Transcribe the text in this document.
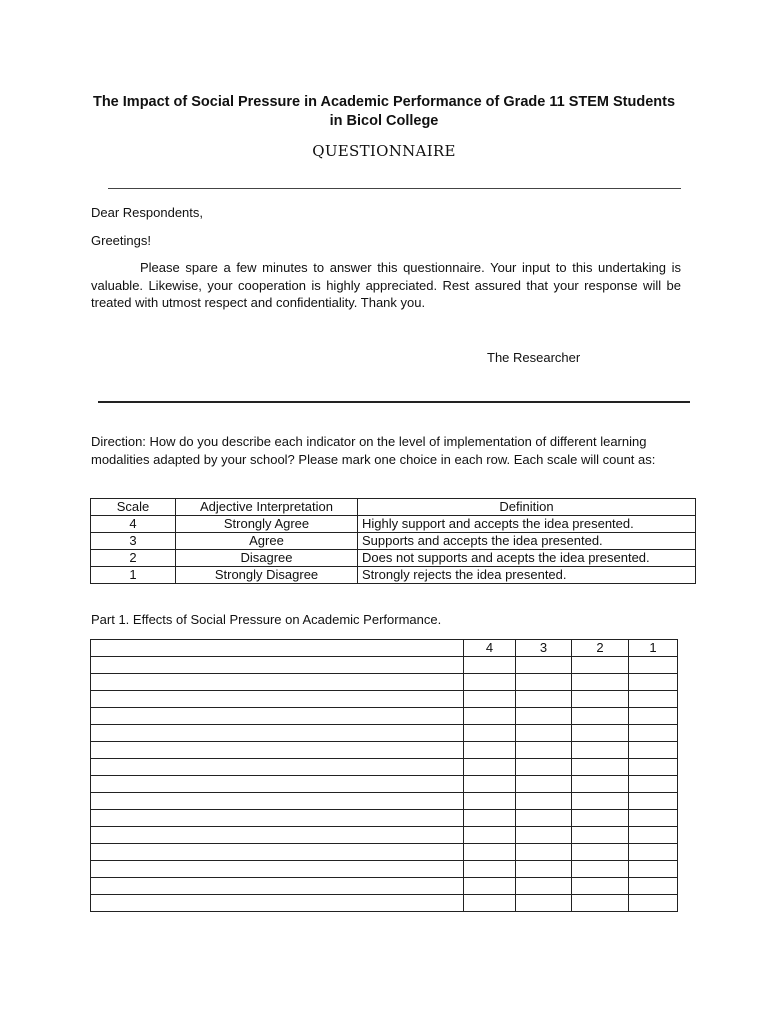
The Impact of Social Pressure in Academic Performance of Grade 11 STEM Students in Bicol College
QUESTIONNAIRE
Dear Respondents,
Greetings!
Please spare a few minutes to answer this questionnaire. Your input to this undertaking is valuable. Likewise, your cooperation is highly appreciated. Rest assured that your response will be treated with utmost respect and confidentiality. Thank you.
The Researcher
Direction: How do you describe each indicator on the level of implementation of different learning modalities adapted by your school? Please mark one choice in each row. Each scale will count as:
Scale	Adjective Interpretation	Definition
4	Strongly Agree	Highly support and accepts the idea presented.
3	Agree	Supports and accepts the idea presented.
2	Disagree	Does not supports and acepts the idea presented.
1	Strongly Disagree	Strongly rejects the idea presented.
Part 1. Effects of Social Pressure on Academic Performance.
	4	3	2	1
